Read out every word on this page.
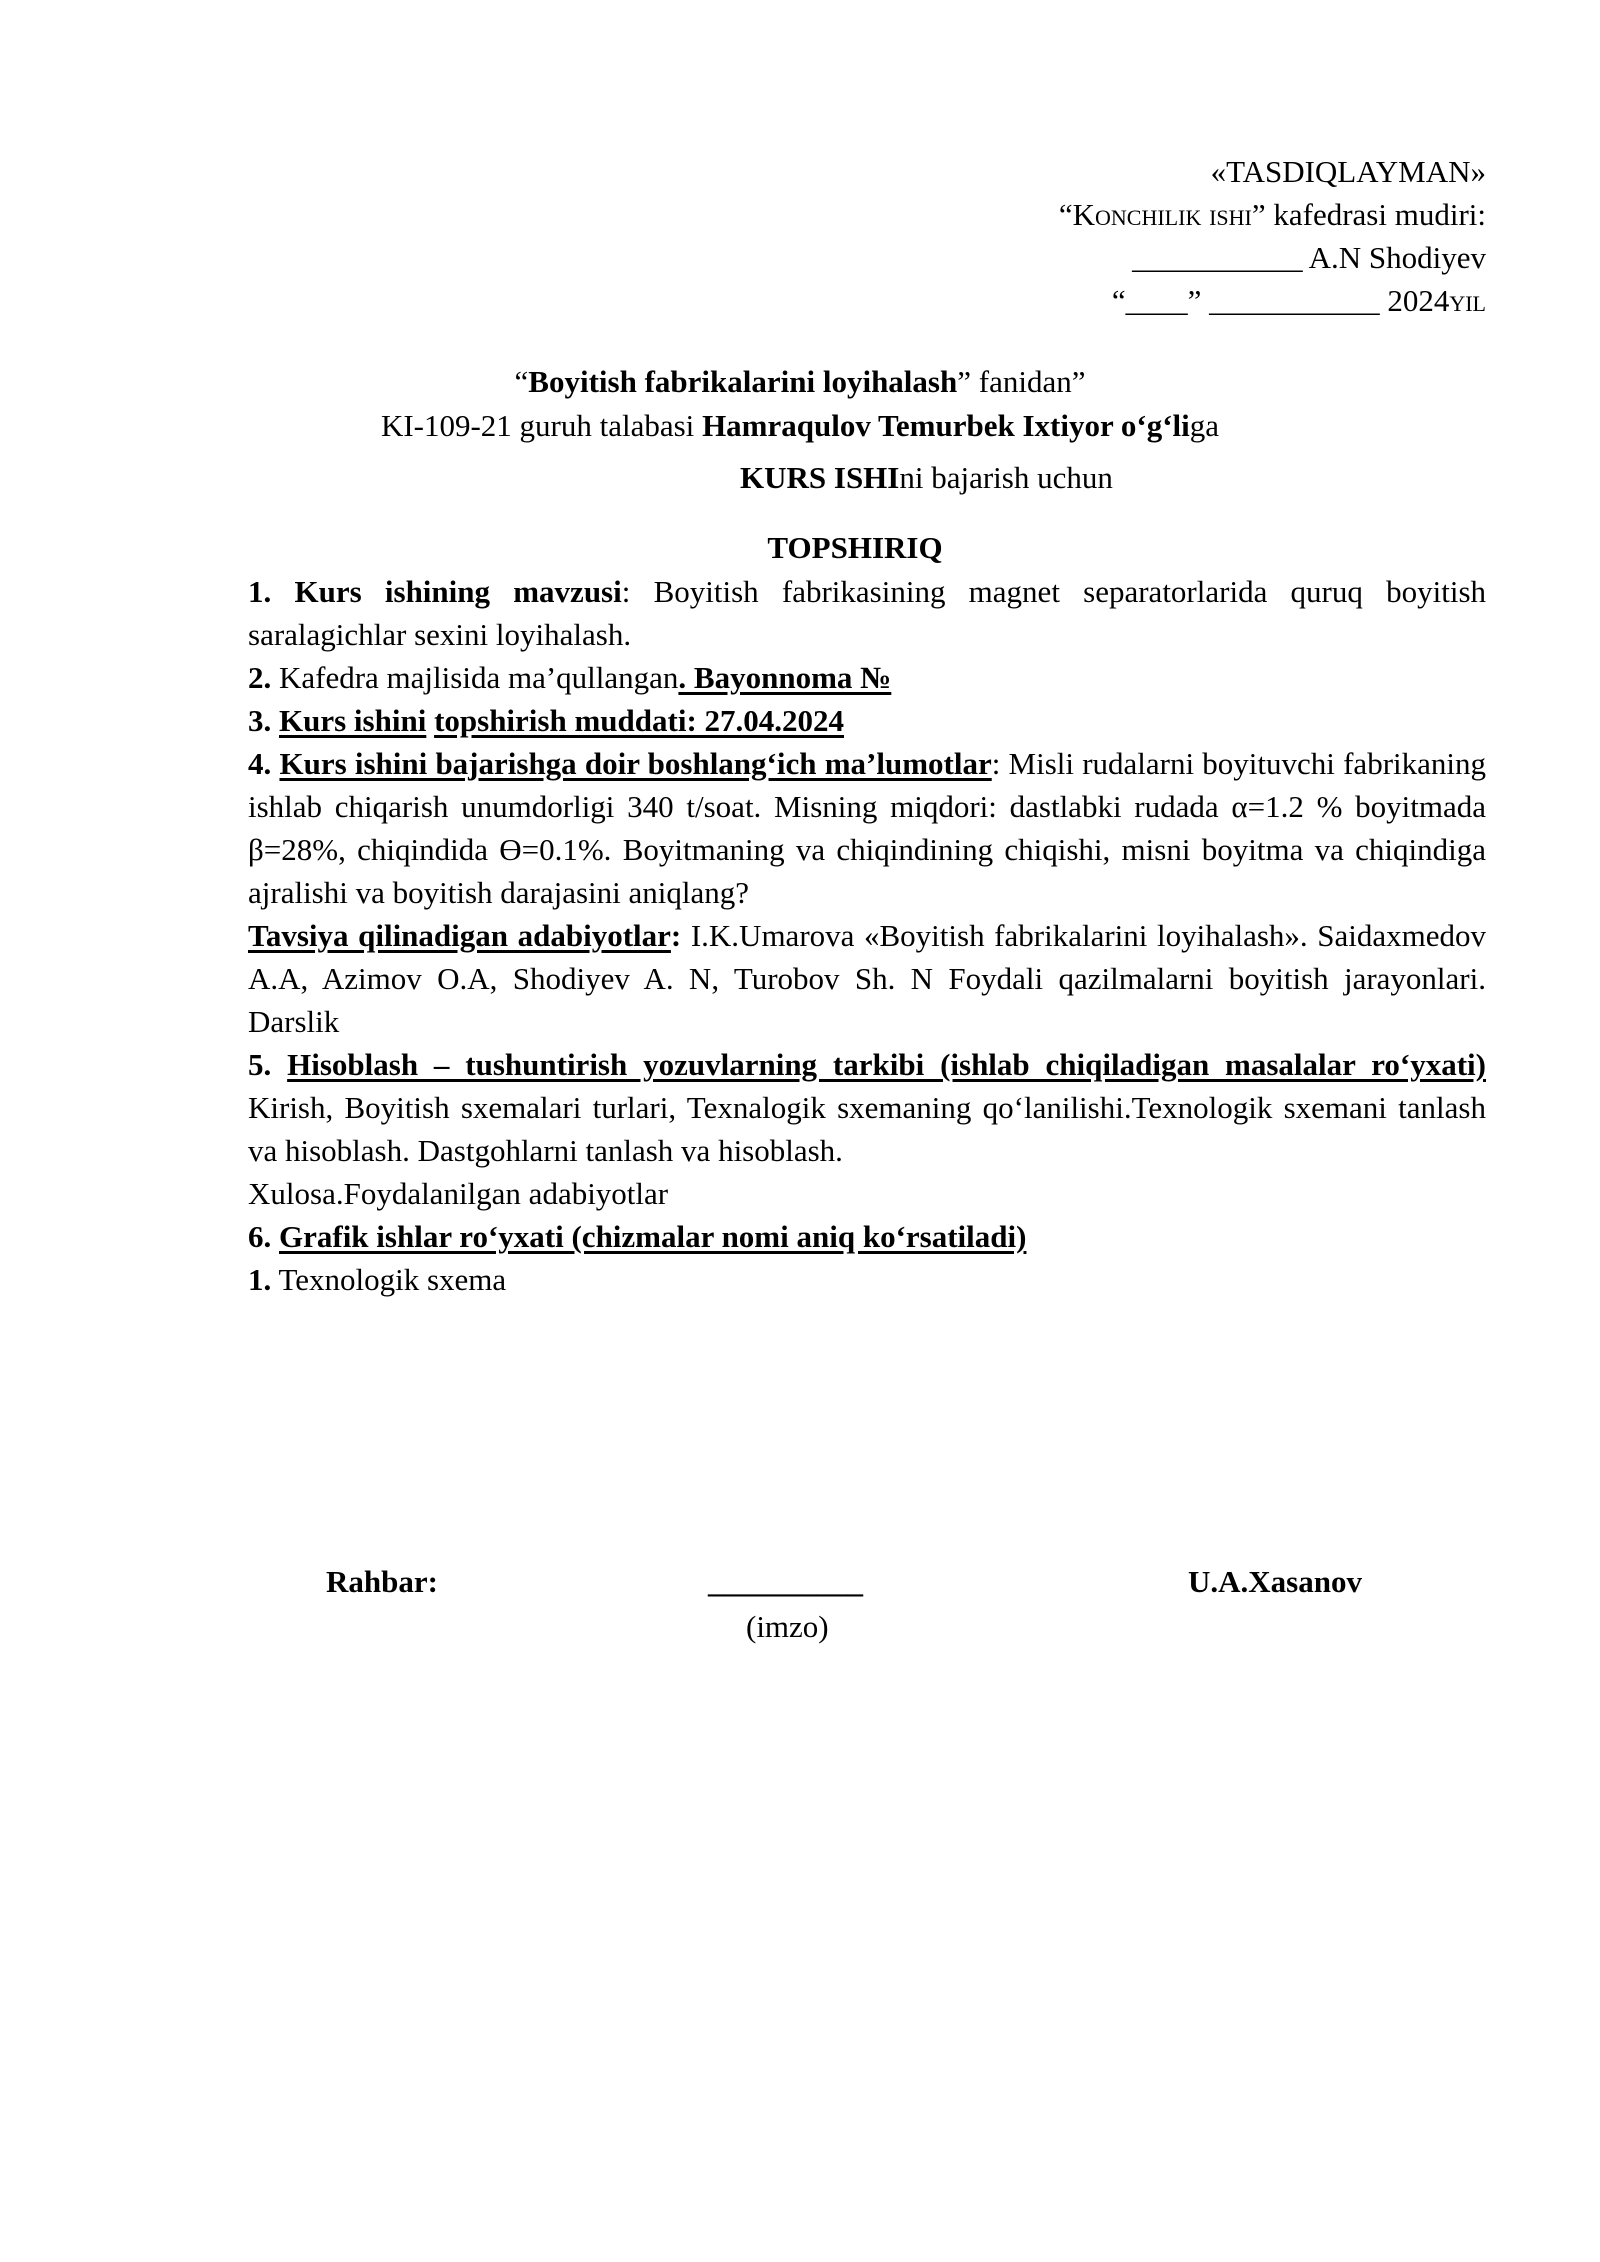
«TASDIQLAYMAN»
“Konchilik ishi” kafedrasi mudiri:
___________ A.N Shodiyev
“____” ___________ 2024yil
“Boyitish fabrikalarini loyihalash” fanidan”
KI-109-21 guruh talabasi Hamraqulov Temurbek Ixtiyor o‘g‘liga
KURS ISHIni bajarish uchun
TOPSHIRIQ
1. Kurs ishining mavzusi: Boyitish fabrikasining magnet separatorlarida quruq boyitish saralagichlar sexini loyihalash.
2. Kafedra majlisida ma’qullangan. Bayonnoma №
3. Kurs ishini topshirish muddati: 27.04.2024
4. Kurs ishini bajarishga doir boshlang‘ich ma’lumotlar: Misli rudalarni boyituvchi fabrikaning ishlab chiqarish unumdorligi 340 t/soat. Misning miqdori: dastlabki rudada α=1.2 % boyitmada β=28%, chiqindida Ө=0.1%. Boyitmaning va chiqindining chiqishi, misni boyitma va chiqindiga ajralishi va boyitish darajasini aniqlang?
Tavsiya qilinadigan adabiyotlar: I.K.Umarova «Boyitish fabrikalarini loyihalash». Saidaxmedov A.A, Azimov O.A, Shodiyev A. N, Turobov Sh. N Foydali qazilmalarni boyitish jarayonlari. Darslik
5. Hisoblash – tushuntirish yozuvlarning tarkibi (ishlab chiqiladigan masalalar ro‘yxati) Kirish, Boyitish sxemalari turlari, Texnalogik sxemaning qo‘lanilishi.Texnologik sxemani tanlash va hisoblash. Dastgohlarni tanlash va hisoblash.
Xulosa.Foydalanilgan adabiyotlar
6. Grafik ishlar ro‘yxati (chizmalar nomi aniq ko‘rsatiladi)
1. Texnologik sxema
Rahbar:	__________
(imzo)
U.A.Xasanov
